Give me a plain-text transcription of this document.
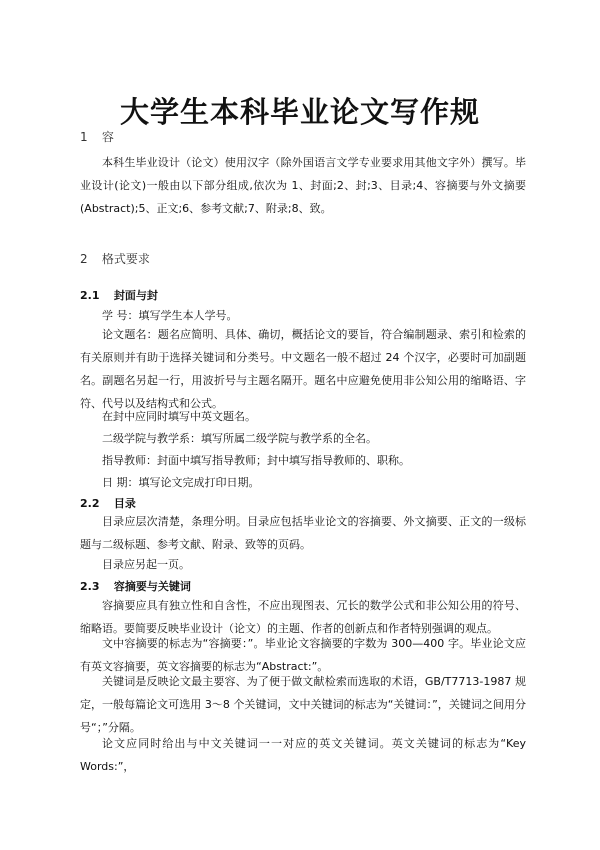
大学生本科毕业论文写作规
1 容

本科生毕业设计（论文）使用汉字（除外国语言文学专业要求用其他文字外）撰写。毕业设计(论文)一般由以下部分组成,依次为 1、封面;2、封;3、目录;4、容摘要与外文摘要(Abstract);5、正文;6、参考文献;7、附录;8、致。

2 格式要求
2.1 封面与封
学 号：填写学生本人学号。

论文题名：题名应简明、具体、确切，概括论文的要旨，符合编制题录、索引和检索的有关原则并有助于选择关键词和分类号。中文题名一般不超过 24 个汉字，必要时可加副题名。副题名另起一行，用波折号与主题名隔开。题名中应避免使用非公知公用的缩略语、字符、代号以及结构式和公式。

在封中应同时填写中英文题名。
二级学院与教学系：填写所属二级学院与教学系的全名。
指导教师：封面中填写指导教师；封中填写指导教师的、职称。
日 期：填写论文完成打印日期。
2.2 目录

目录应层次清楚，条理分明。目录应包括毕业论文的容摘要、外文摘要、正文的一级标题与二级标题、参考文献、附录、致等的页码。

目录应另起一页。
2.3 容摘要与关键词

容摘要应具有独立性和自含性，不应出现图表、冗长的数学公式和非公知公用的符号、缩略语。要简要反映毕业设计（论文）的主题、作者的创新点和作者特别强调的观点。

文中容摘要的标志为“容摘要：”。毕业论文容摘要的字数为 300—400 字。毕业论文应有英文容摘要，英文容摘要的标志为“Abstract:”。

关键词是反映论文最主要容、为了便于做文献检索而选取的术语，GB/T7713-1987 规定，一般每篇论文可选用 3～8 个关键词，文中关键词的标志为“关键词：”，关键词之间用分号“；”分隔。

论文应同时给出与中文关键词一一对应的英文关键词。英文关键词的标志为“Key Words:”，
